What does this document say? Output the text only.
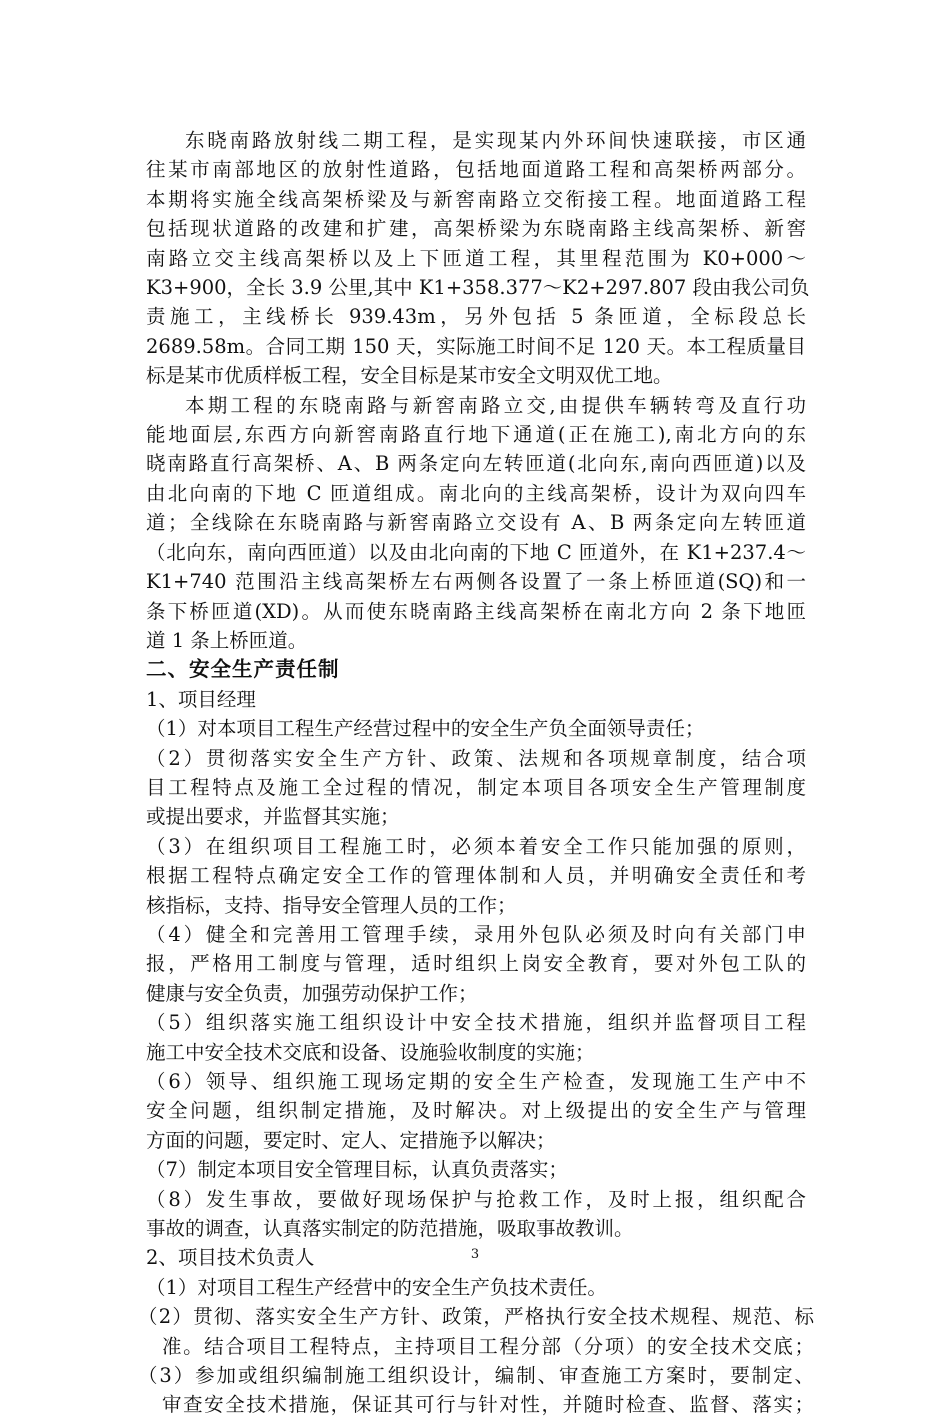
东晓南路放射线二期工程，是实现某内外环间快速联接，市区通

往某市南部地区的放射性道路，包括地面道路工程和高架桥两部分。

本期将实施全线高架桥梁及与新窖南路立交衔接工程。地面道路工程

包括现状道路的改建和扩建，高架桥梁为东晓南路主线高架桥、新窖

南路立交主线高架桥以及上下匝道工程，其里程范围为 K0+000～

K3+900，全长 3.9 公里,其中 K1+358.377～K2+297.807 段由我公司负

责施工，主线桥长 939.43m，另外包括 5 条匝道，全标段总长

2689.58m。合同工期 150 天，实际施工时间不足 120 天。本工程质量目

标是某市优质样板工程，安全目标是某市安全文明双优工地。

本期工程的东晓南路与新窖南路立交,由提供车辆转弯及直行功

能地面层,东西方向新窖南路直行地下通道(正在施工),南北方向的东

晓南路直行高架桥、A、B 两条定向左转匝道(北向东,南向西匝道)以及

由北向南的下地 C 匝道组成。南北向的主线高架桥，设计为双向四车

道；全线除在东晓南路与新窖南路立交设有 A、B 两条定向左转匝道

（北向东，南向西匝道）以及由北向南的下地 C 匝道外，在 K1+237.4～

K1+740 范围沿主线高架桥左右两侧各设置了一条上桥匝道(SQ)和一

条下桥匝道(XD)。从而使东晓南路主线高架桥在南北方向 2 条下地匝

道 1 条上桥匝道。

二、安全生产责任制

1、项目经理

（1）对本项目工程生产经营过程中的安全生产负全面领导责任；

（2）贯彻落实安全生产方针、政策、法规和各项规章制度，结合项

目工程特点及施工全过程的情况，制定本项目各项安全生产管理制度

或提出要求，并监督其实施；

（3）在组织项目工程施工时，必须本着安全工作只能加强的原则，

根据工程特点确定安全工作的管理体制和人员，并明确安全责任和考

核指标，支持、指导安全管理人员的工作；

（4）健全和完善用工管理手续，录用外包队必须及时向有关部门申

报，严格用工制度与管理，适时组织上岗安全教育，要对外包工队的

健康与安全负责，加强劳动保护工作；

（5）组织落实施工组织设计中安全技术措施，组织并监督项目工程

施工中安全技术交底和设备、设施验收制度的实施；

（6）领导、组织施工现场定期的安全生产检查，发现施工生产中不

安全问题，组织制定措施，及时解决。对上级提出的安全生产与管理

方面的问题，要定时、定人、定措施予以解决；

（7）制定本项目安全管理目标，认真负责落实；

（8）发生事故，要做好现场保护与抢救工作，及时上报，组织配合

事故的调查，认真落实制定的防范措施，吸取事故教训。

2、项目技术负责人

（1）对项目工程生产经营中的安全生产负技术责任。

（2）贯彻、落实安全生产方针、政策，严格执行安全技术规程、规范、标

准。结合项目工程特点，主持项目工程分部（分项）的安全技术交底；

（3）参加或组织编制施工组织设计，编制、审查施工方案时，要制定、

审查安全技术措施，保证其可行与针对性，并随时检查、监督、落实；

3
